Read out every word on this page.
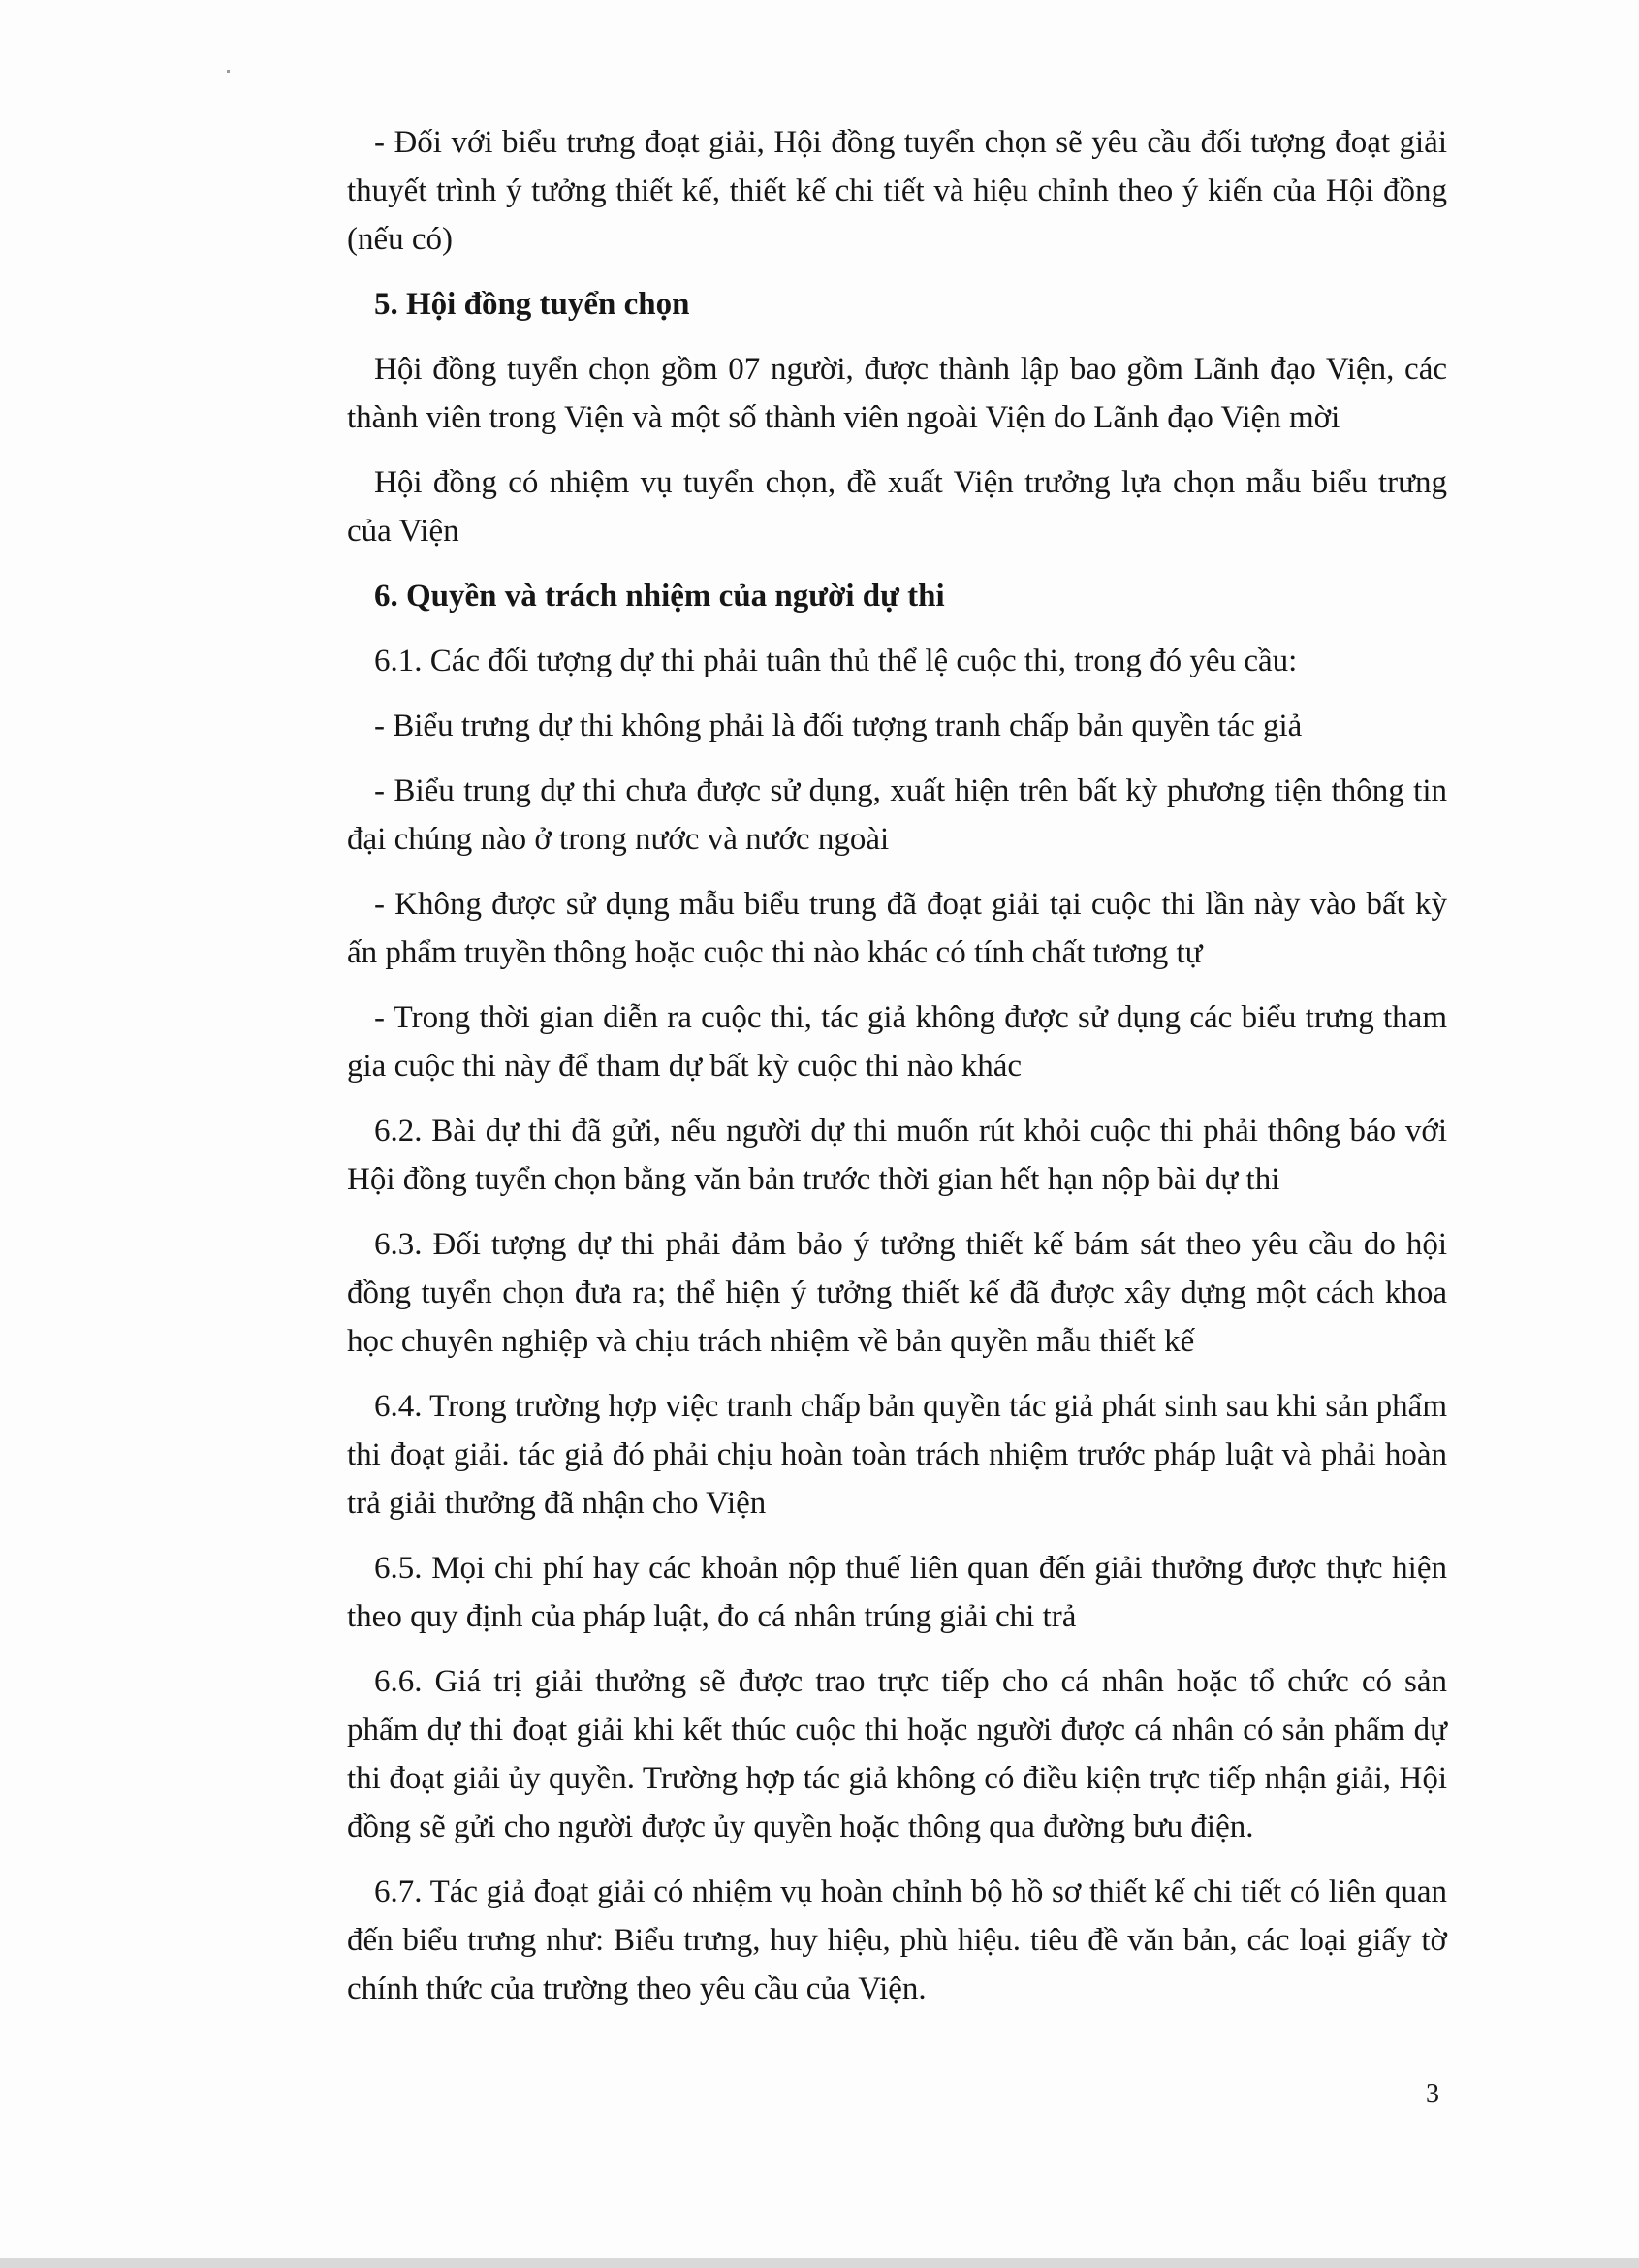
- Đối với biểu trưng đoạt giải, Hội đồng tuyển chọn sẽ yêu cầu đối tượng đoạt giải thuyết trình ý tưởng thiết kế, thiết kế chi tiết và hiệu chỉnh theo ý kiến của Hội đồng (nếu có)

5. Hội đồng tuyển chọn

Hội đồng tuyển chọn gồm 07 người, được thành lập bao gồm Lãnh đạo Viện, các thành viên trong Viện và một số thành viên ngoài Viện do Lãnh đạo Viện mời

Hội đồng có nhiệm vụ tuyển chọn, đề xuất Viện trưởng lựa chọn mẫu biểu trưng của Viện

6. Quyền và trách nhiệm của người dự thi

6.1. Các đối tượng dự thi phải tuân thủ thể lệ cuộc thi, trong đó yêu cầu:

- Biểu trưng dự thi không phải là đối tượng tranh chấp bản quyền tác giả

- Biểu trung dự thi chưa được sử dụng, xuất hiện trên bất kỳ phương tiện thông tin đại chúng nào ở trong nước và nước ngoài

- Không được sử dụng mẫu biểu trung đã đoạt giải tại cuộc thi lần này vào bất kỳ ấn phẩm truyền thông hoặc cuộc thi nào khác có tính chất tương tự

- Trong thời gian diễn ra cuộc thi, tác giả không được sử dụng các biểu trưng tham gia cuộc thi này để tham dự bất kỳ cuộc thi nào khác

6.2. Bài dự thi đã gửi, nếu người dự thi muốn rút khỏi cuộc thi phải thông báo với Hội đồng tuyển chọn bằng văn bản trước thời gian hết hạn nộp bài dự thi

6.3. Đối tượng dự thi phải đảm bảo ý tưởng thiết kế bám sát theo yêu cầu do hội đồng tuyển chọn đưa ra; thể hiện ý tưởng thiết kế đã được xây dựng một cách khoa học chuyên nghiệp và chịu trách nhiệm về bản quyền mẫu thiết kế

6.4. Trong trường hợp việc tranh chấp bản quyền tác giả phát sinh sau khi sản phẩm thi đoạt giải. tác giả đó phải chịu hoàn toàn trách nhiệm trước pháp luật và phải hoàn trả giải thưởng đã nhận cho Viện

6.5. Mọi chi phí hay các khoản nộp thuế liên quan đến giải thưởng được thực hiện theo quy định của pháp luật, đo cá nhân trúng giải chi trả

6.6. Giá trị giải thưởng sẽ được trao trực tiếp cho cá nhân hoặc tổ chức có sản phẩm dự thi đoạt giải khi kết thúc cuộc thi hoặc người được cá nhân có sản phẩm dự thi đoạt giải ủy quyền. Trường hợp tác giả không có điều kiện trực tiếp nhận giải, Hội đồng sẽ gửi cho người được ủy quyền hoặc thông qua đường bưu điện.

6.7. Tác giả đoạt giải có nhiệm vụ hoàn chỉnh bộ hồ sơ thiết kế chi tiết có liên quan đến biểu trưng như: Biểu trưng, huy hiệu, phù hiệu. tiêu đề văn bản, các loại giấy tờ chính thức của trường theo yêu cầu của Viện.

3
